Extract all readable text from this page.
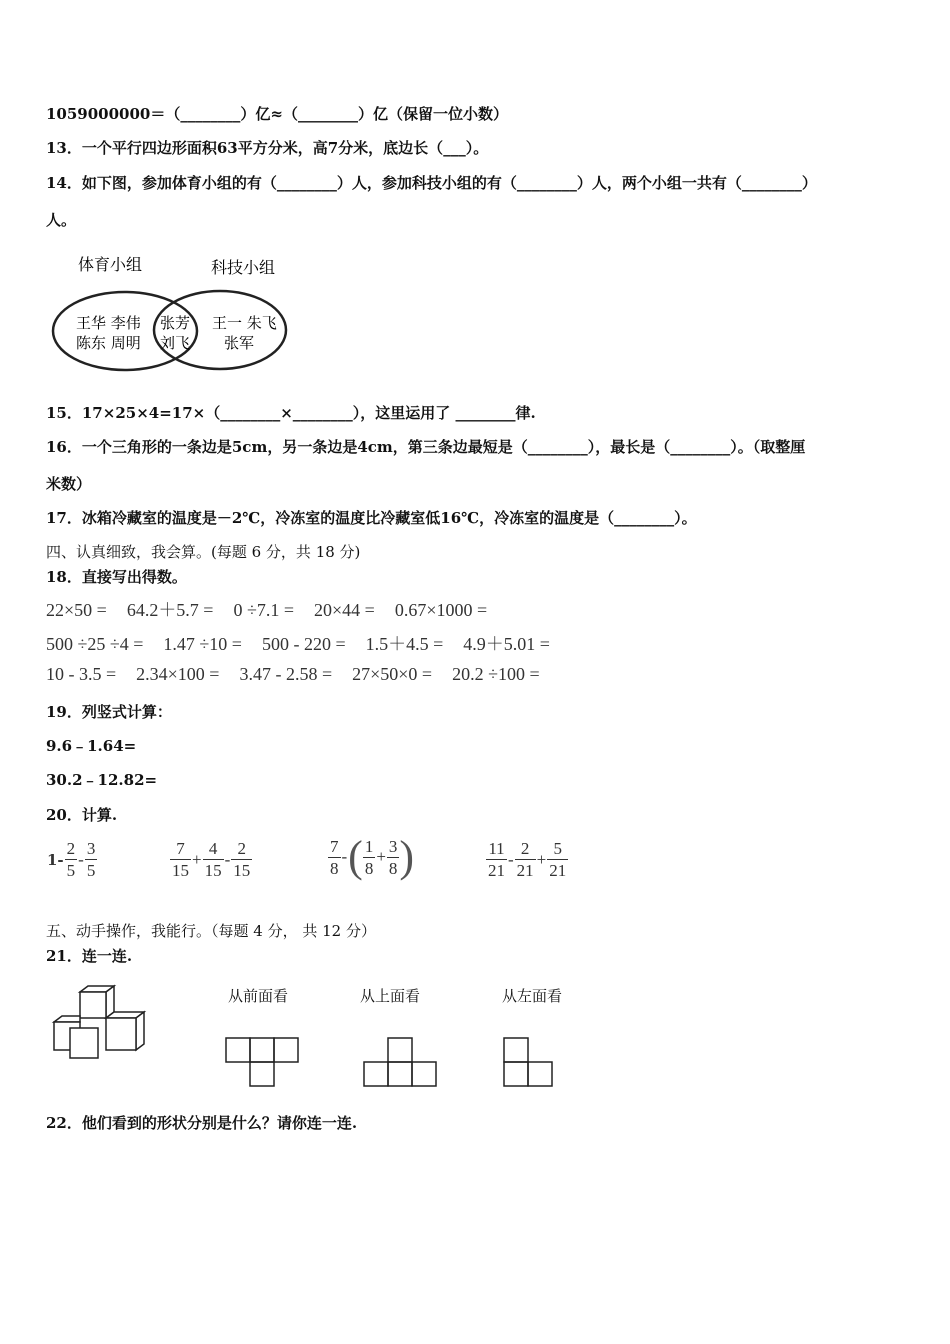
1059000000＝（________）亿≈（________）亿（保留一位小数）
13．一个平行四边形面积63平方分米，高7分米，底边长（___）。
14．如下图，参加体育小组的有（________）人，参加科技小组的有（________）人，两个小组一共有（________）
人。
体育小组	科技小组
王华 李伟
陈东 周明
张芳
刘飞
王一 朱飞
张军
15．17×25×4=17×（________×________），这里运用了 ________律.
16．一个三角形的一条边是5cm，另一条边是4cm，第三条边最短是（________），最长是（________）。（取整厘
米数）
17．冰箱冷藏室的温度是－2℃，冷冻室的温度比冷藏室低16℃，冷冻室的温度是（________）。
四、认真细致，我会算。(每题 6 分，共 18 分)
18．直接写出得数。
22×50 = 64.2＋5.7 = 0 ÷7.1 = 20×44 = 0.67×1000 =
500 ÷25 ÷4 = 1.47 ÷10 = 500 - 220 = 1.5＋4.5 = 4.9＋5.01 =
10 - 3.5 = 2.34×100 = 3.47 - 2.58 = 27×50×0 = 20.2 ÷100 =
19．列竖式计算：
9.6﹣1.64=
30.2﹣12.82=
20．计算.
$1- \frac{2}{5} - \frac{3}{5}$	$\frac{7}{15} + \frac{4}{15} - \frac{2}{15}$	$\frac{7}{8}$ -( $\frac{1}{8} + \frac{3}{8}$ )	$\frac{11}{21} - \frac{2}{21} + \frac{5}{21}$
五、动手操作，我能行。（每题 4 分， 共 12 分）
21．连一连.
从前面看	从上面看	从左面看
22．他们看到的形状分别是什么？请你连一连.
